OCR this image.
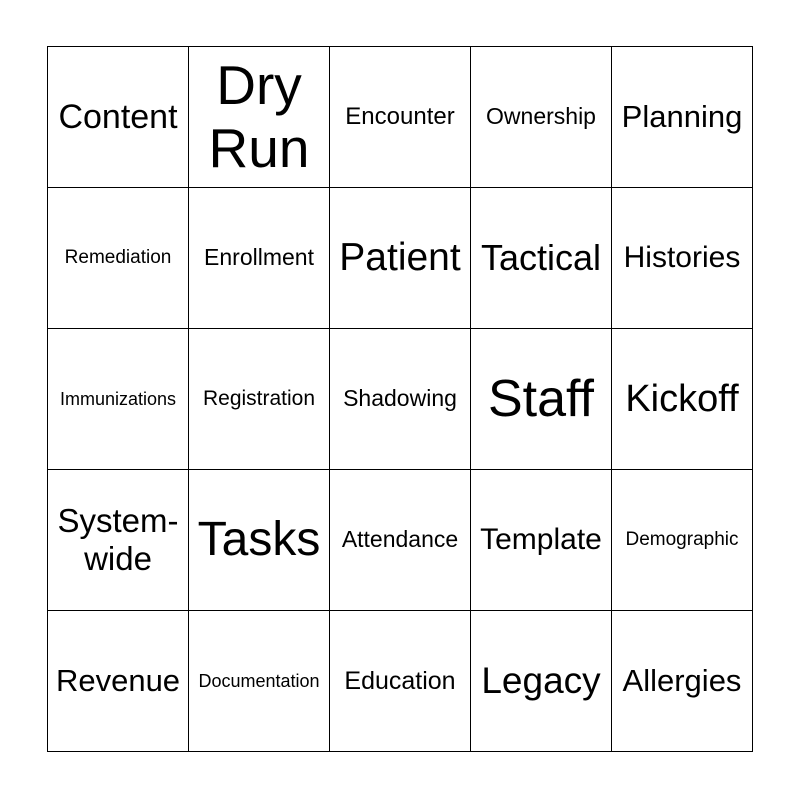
Content
Dry Run
Encounter Ownership Planning
Remediation Enrollment Patient Tactical Histories
Immunizations Registration Shadowing Staff Kickoff
System-wide Tasks Attendance Template Demographic
Revenue Documentation Education Legacy Allergies
